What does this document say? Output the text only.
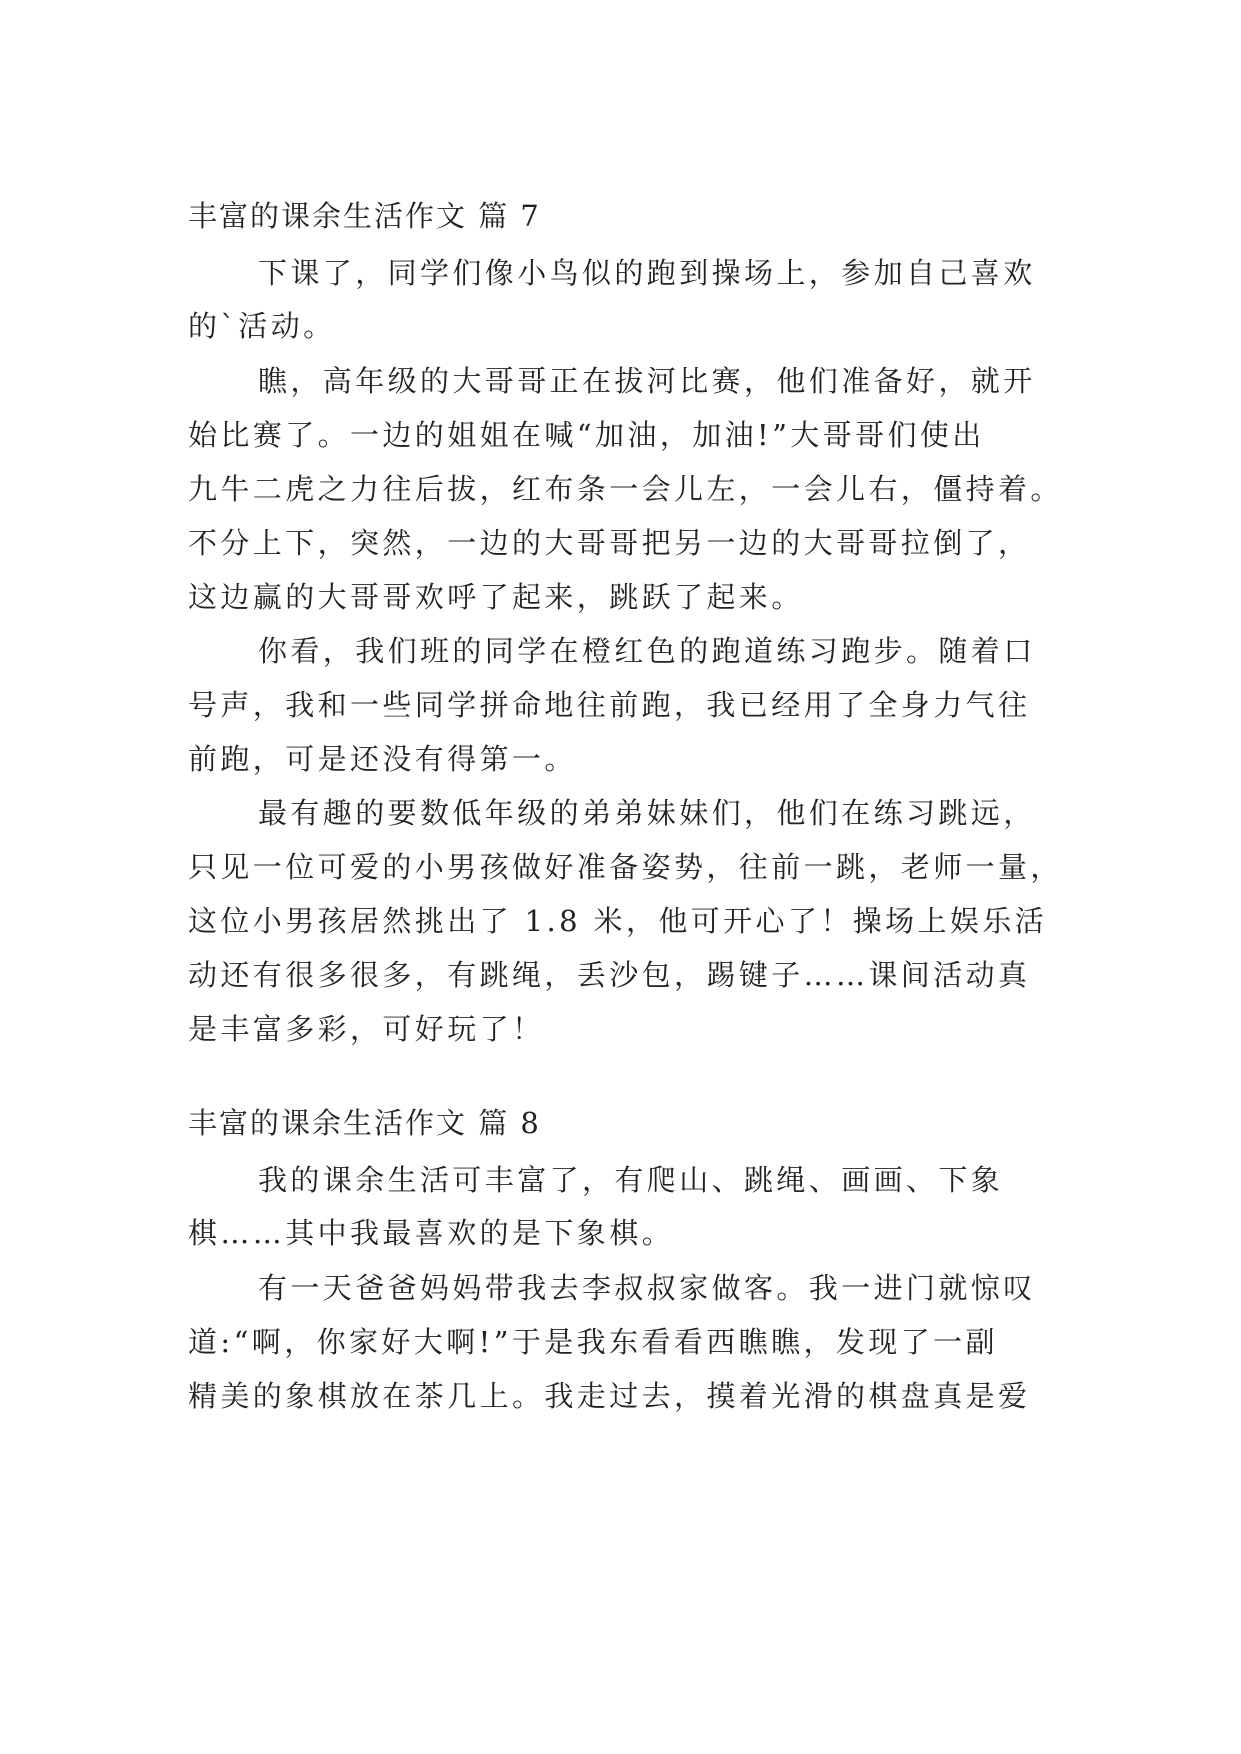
丰富的课余生活作文 篇 7
下课了，同学们像小鸟似的跑到操场上，参加自己喜欢
的`活动。
瞧，高年级的大哥哥正在拔河比赛，他们准备好，就开
始比赛了。一边的姐姐在喊“加油，加油!”大哥哥们使出
九牛二虎之力往后拔，红布条一会儿左，一会儿右，僵持着。
不分上下，突然，一边的大哥哥把另一边的大哥哥拉倒了，
这边赢的大哥哥欢呼了起来，跳跃了起来。
你看，我们班的同学在橙红色的跑道练习跑步。随着口
号声，我和一些同学拼命地往前跑，我已经用了全身力气往
前跑，可是还没有得第一。
最有趣的要数低年级的弟弟妹妹们，他们在练习跳远，
只见一位可爱的小男孩做好准备姿势，往前一跳，老师一量，
这位小男孩居然挑出了 1.8 米，他可开心了！操场上娱乐活
动还有很多很多，有跳绳，丢沙包，踢键子……课间活动真
是丰富多彩，可好玩了！
丰富的课余生活作文 篇 8
我的课余生活可丰富了，有爬山、跳绳、画画、下象
棋……其中我最喜欢的是下象棋。
有一天爸爸妈妈带我去李叔叔家做客。我一进门就惊叹
道:“啊，你家好大啊!”于是我东看看西瞧瞧，发现了一副
精美的象棋放在茶几上。我走过去，摸着光滑的棋盘真是爱
